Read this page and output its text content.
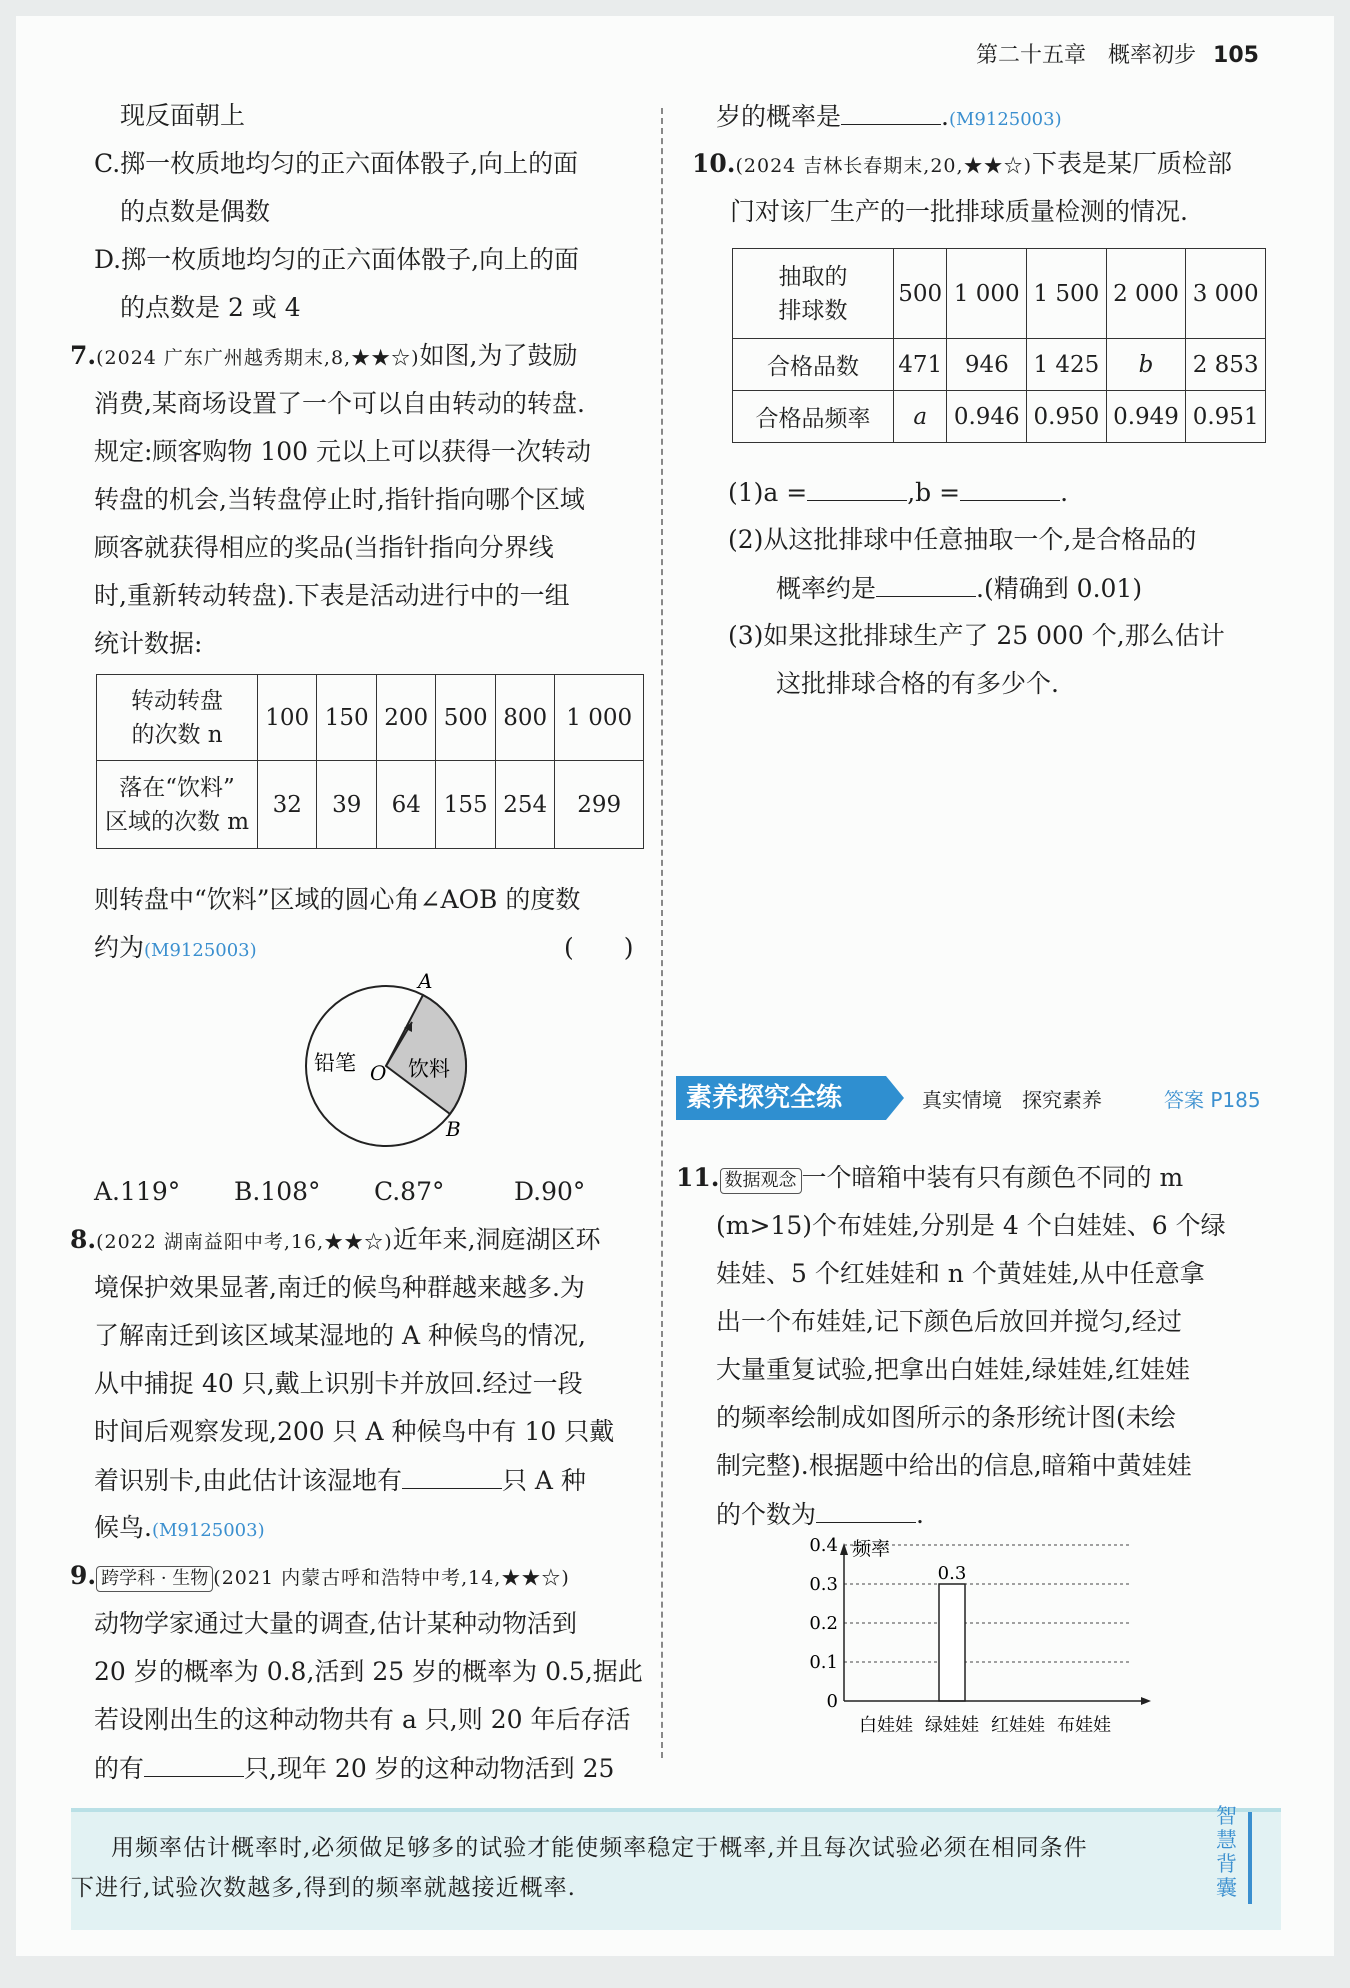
第二十五章　概率初步 105
现反面朝上
C.掷一枚质地均匀的正六面体骰子,向上的面
的点数是偶数
D.掷一枚质地均匀的正六面体骰子,向上的面
的点数是 2 或 4
7.(2024 广东广州越秀期末,8,★★☆)如图,为了鼓励
消费,某商场设置了一个可以自由转动的转盘.
规定:顾客购物 100 元以上可以获得一次转动
转盘的机会,当转盘停止时,指针指向哪个区域
顾客就获得相应的奖品(当指针指向分界线
时,重新转动转盘).下表是活动进行中的一组
统计数据:
转动转盘
的次数 n	100	150	200	500	800	1 000
落在“饮料”
区域的次数 m	32	39	64	155	254	299
则转盘中“饮料”区域的圆心角∠AOB 的度数
约为(M9125003)	(　　)
A
B
O
铅笔 饮料
A.119° B.108° C.87°	D.90°
8.(2022 湖南益阳中考,16,★★☆)近年来,洞庭湖区环
境保护效果显著,南迁的候鸟种群越来越多.为
了解南迁到该区域某湿地的 A 种候鸟的情况,
从中捕捉 40 只,戴上识别卡并放回.经过一段
时间后观察发现,200 只 A 种候鸟中有 10 只戴
着识别卡,由此估计该湿地有	只 A 种
候鸟.(M9125003)
9. 跨学科 · 生物 (2021 内蒙古呼和浩特中考,14,★★☆)
动物学家通过大量的调查,估计某种动物活到
20 岁的概率为 0.8,活到 25 岁的概率为 0.5,据此
若设刚出生的这种动物共有 a 只,则 20 年后存活
的有	只,现年 20 岁的这种动物活到 25
岁的概率是	.(M9125003)
10.(2024 吉林长春期末,20,★★☆)下表是某厂质检部
门对该厂生产的一批排球质量检测的情况.
抽取的
排球数	500	1 000	1 500	2 000	3 000
合格品数	471	946	1 425	b	2 853
合格品频率	a	0.946	0.950	0.949	0.951
(1)a =	,b =	.
(2)从这批排球中任意抽取一个,是合格品的
概率约是	.(精确到 0.01)
(3)如果这批排球生产了 25 000 个,那么估计
这批排球合格的有多少个.
素养探究全练	真实情境　探究素养	答案 P185
11. 数据观念 一个暗箱中装有只有颜色不同的 m
(m>15)个布娃娃,分别是 4 个白娃娃、6 个绿
娃娃、5 个红娃娃和 n 个黄娃娃,从中任意拿
出一个布娃娃,记下颜色后放回并搅匀,经过
大量重复试验,把拿出白娃娃,绿娃娃,红娃娃
的频率绘制成如图所示的条形统计图(未绘
制完整).根据题中给出的信息,暗箱中黄娃娃
的个数为	.
0
0.1
0.2
0.3
0.4
白娃娃 绿娃娃
0.3
红娃娃 布娃娃
频率
用频率估计概率时,必须做足够多的试验才能使频率稳定于概率,并且每次试验必须在相同条件
下进行,试验次数越多,得到的频率就越接近概率.
智慧背囊
